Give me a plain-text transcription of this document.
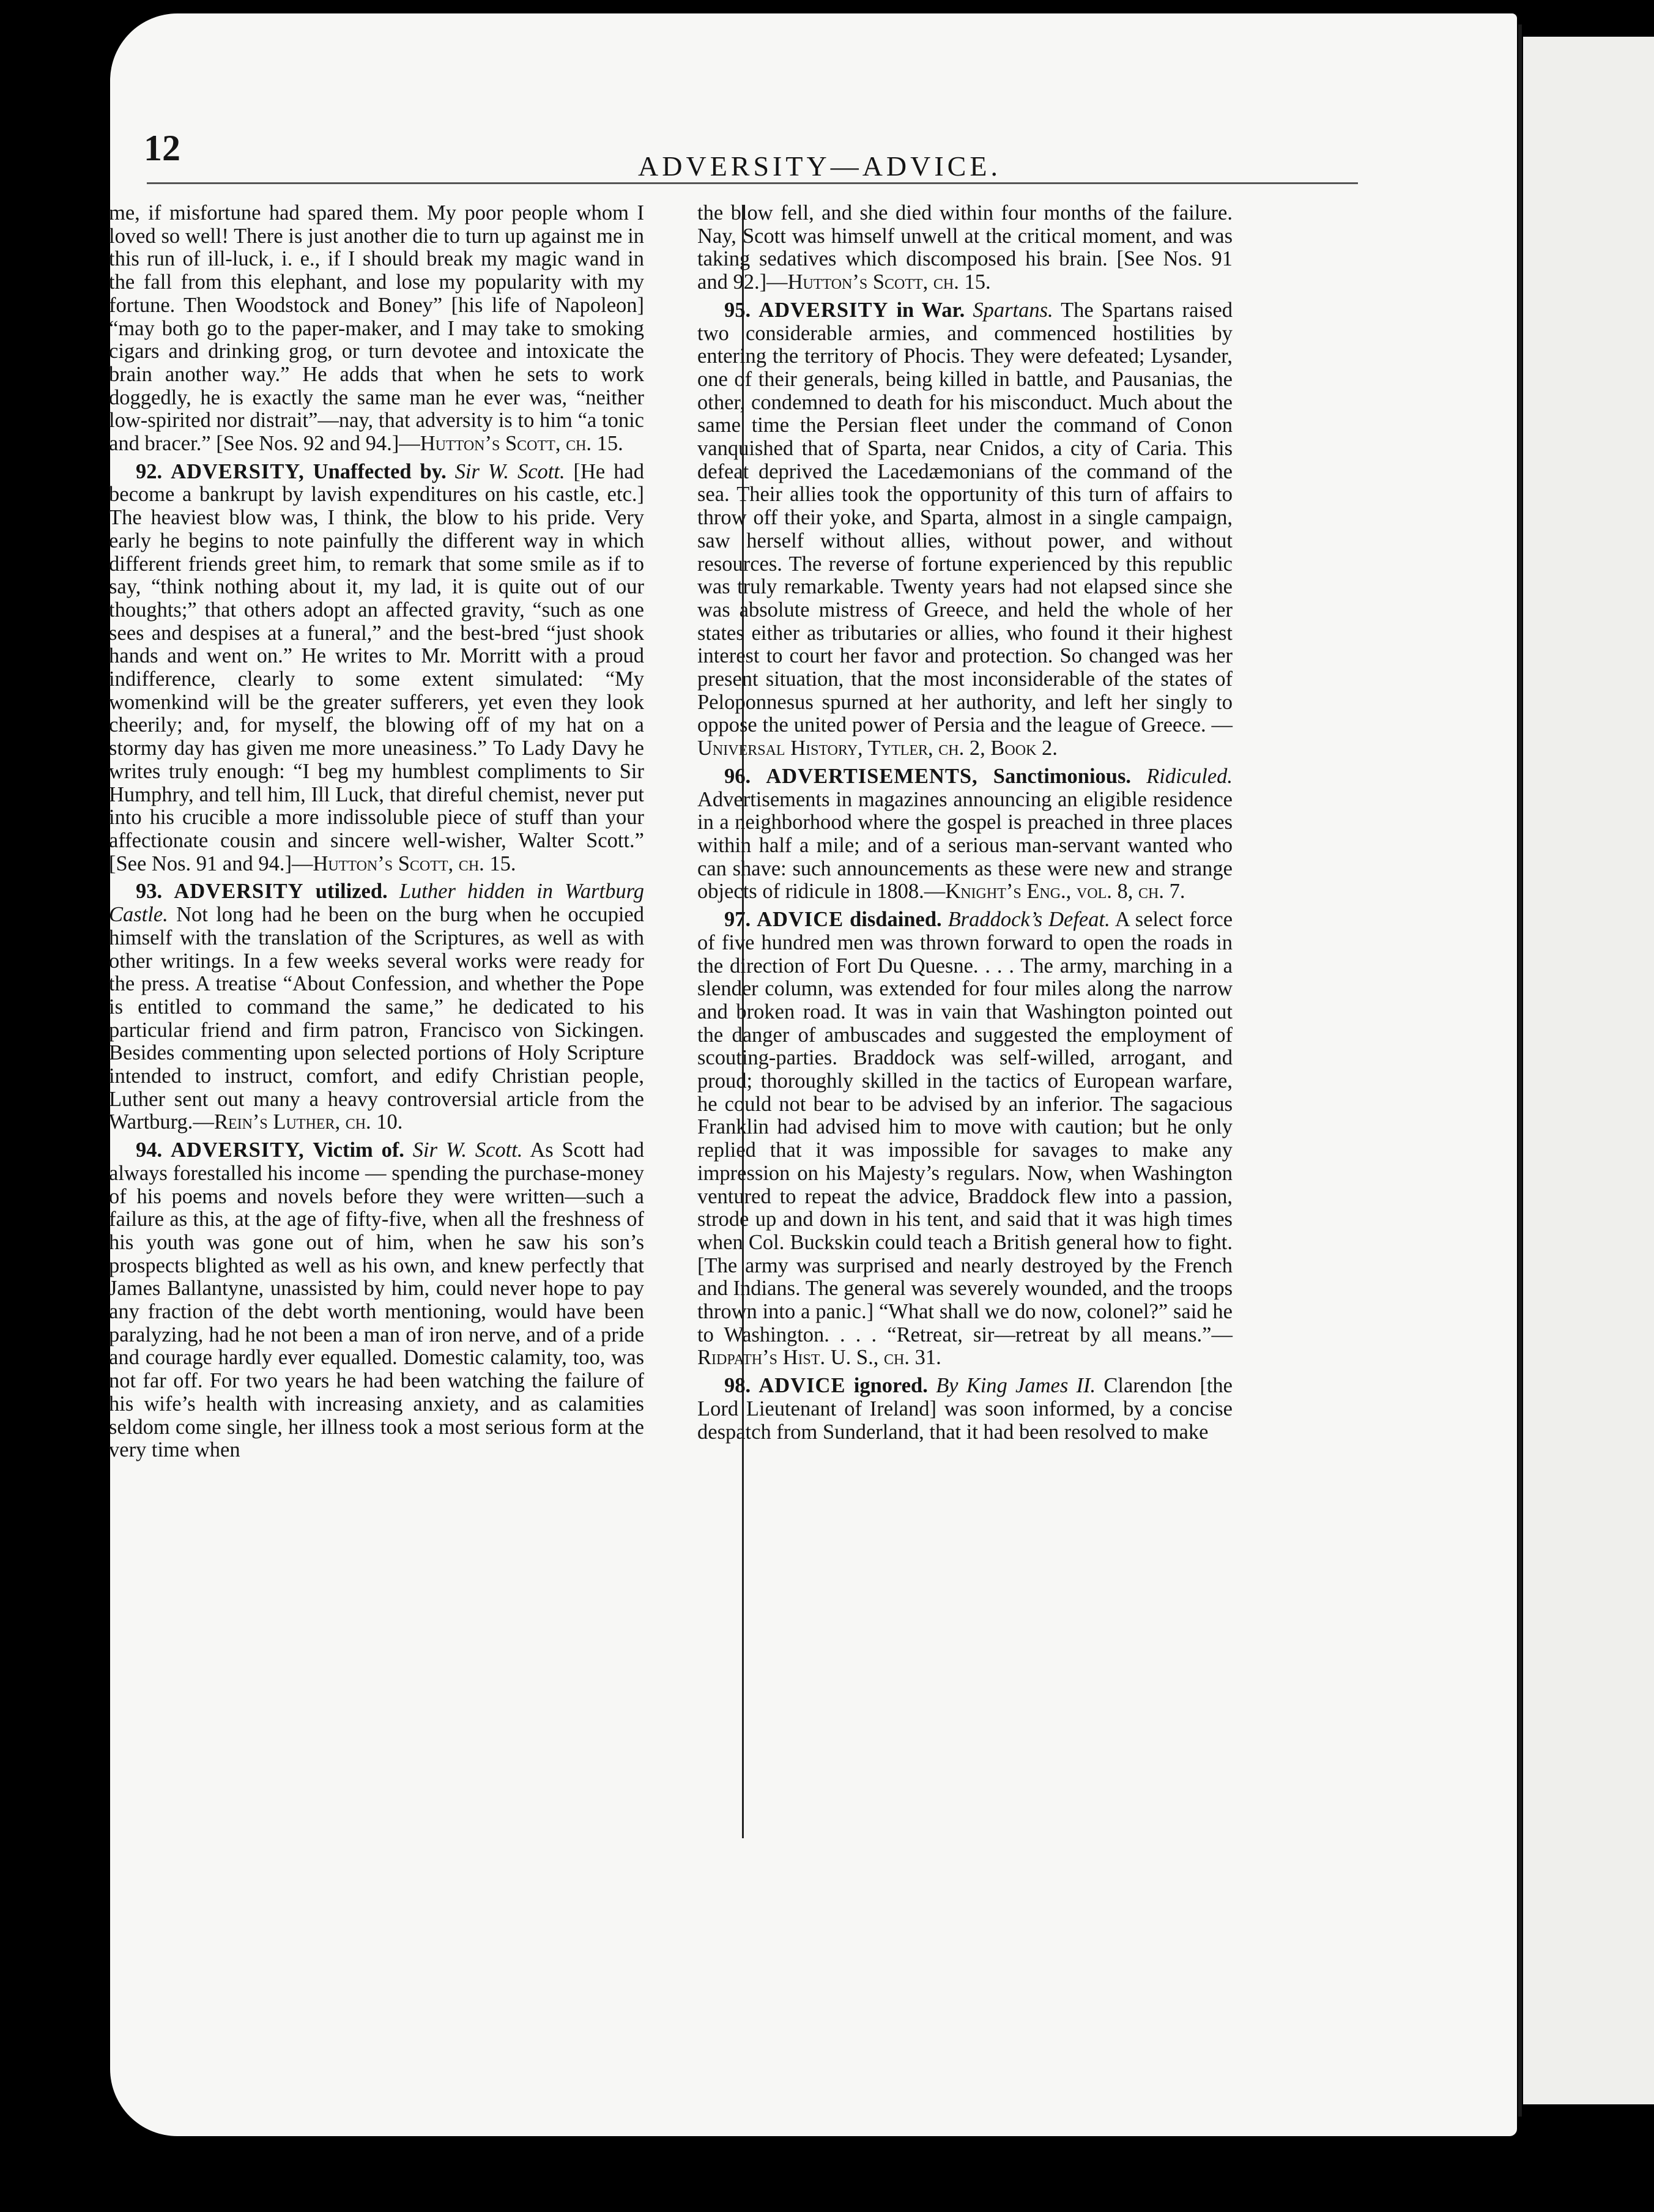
12	ADVERSITY—ADVICE.

me, if misfortune had spared them. My poor people whom I loved so well! There is just another die to turn up against me in this run of ill-luck, i. e., if I should break my magic wand in the fall from this elephant, and lose my popularity with my fortune. Then Woodstock and Boney” [his life of Napoleon] “may both go to the paper-maker, and I may take to smoking cigars and drinking grog, or turn devotee and intoxicate the brain another way.” He adds that when he sets to work doggedly, he is exactly the same man he ever was, “neither low-spirited nor distrait”—nay, that adversity is to him “a tonic and bracer.” [See Nos. 92 and 94.]—Hutton’s Scott, ch. 15.

92. ADVERSITY, Unaffected by. Sir W. Scott. [He had become a bankrupt by lavish expenditures on his castle, etc.] The heaviest blow was, I think, the blow to his pride. Very early he begins to note painfully the different way in which different friends greet him, to remark that some smile as if to say, “think nothing about it, my lad, it is quite out of our thoughts;” that others adopt an affected gravity, “such as one sees and despises at a funeral,” and the best-bred “just shook hands and went on.” He writes to Mr. Morritt with a proud indifference, clearly to some extent simulated: “My womenkind will be the greater sufferers, yet even they look cheerily; and, for myself, the blowing off of my hat on a stormy day has given me more uneasiness.” To Lady Davy he writes truly enough: “I beg my humblest compliments to Sir Humphry, and tell him, Ill Luck, that direful chemist, never put into his crucible a more indissoluble piece of stuff than your affectionate cousin and sincere well-wisher, Walter Scott.” [See Nos. 91 and 94.]—Hutton’s Scott, ch. 15.

93. ADVERSITY utilized. Luther hidden in Wartburg Castle. Not long had he been on the burg when he occupied himself with the translation of the Scriptures, as well as with other writings. In a few weeks several works were ready for the press. A treatise “About Confession, and whether the Pope is entitled to command the same,” he dedicated to his particular friend and firm patron, Francisco von Sickingen. Besides commenting upon selected portions of Holy Scripture intended to instruct, comfort, and edify Christian people, Luther sent out many a heavy controversial article from the Wartburg.—Rein’s Luther, ch. 10.

94. ADVERSITY, Victim of. Sir W. Scott. As Scott had always forestalled his income — spending the purchase-money of his poems and novels before they were written—such a failure as this, at the age of fifty-five, when all the freshness of his youth was gone out of him, when he saw his son’s prospects blighted as well as his own, and knew perfectly that James Ballantyne, unassisted by him, could never hope to pay any fraction of the debt worth mentioning, would have been paralyzing, had he not been a man of iron nerve, and of a pride and courage hardly ever equalled. Domestic calamity, too, was not far off. For two years he had been watching the failure of his wife’s health with increasing anxiety, and as calamities seldom come single, her illness took a most serious form at the very time when

the blow fell, and she died within four months of the failure. Nay, Scott was himself unwell at the critical moment, and was taking sedatives which discomposed his brain. [See Nos. 91 and 92.]—Hutton’s Scott, ch. 15.

95. ADVERSITY in War. Spartans. The Spartans raised two considerable armies, and commenced hostilities by entering the territory of Phocis. They were defeated; Lysander, one of their generals, being killed in battle, and Pausanias, the other, condemned to death for his misconduct. Much about the same time the Persian fleet under the command of Conon vanquished that of Sparta, near Cnidos, a city of Caria. This defeat deprived the Lacedæmonians of the command of the sea. Their allies took the opportunity of this turn of affairs to throw off their yoke, and Sparta, almost in a single campaign, saw herself without allies, without power, and without resources. The reverse of fortune experienced by this republic was truly remarkable. Twenty years had not elapsed since she was absolute mistress of Greece, and held the whole of her states either as tributaries or allies, who found it their highest interest to court her favor and protection. So changed was her present situation, that the most inconsiderable of the states of Peloponnesus spurned at her authority, and left her singly to oppose the united power of Persia and the league of Greece. —Universal History, Tytler, ch. 2, Book 2.

96. ADVERTISEMENTS, Sanctimonious. Ridiculed. Advertisements in magazines announcing an eligible residence in a neighborhood where the gospel is preached in three places within half a mile; and of a serious man-servant wanted who can shave: such announcements as these were new and strange objects of ridicule in 1808.—Knight’s Eng., vol. 8, ch. 7.

97. ADVICE disdained. Braddock’s Defeat. A select force of five hundred men was thrown forward to open the roads in the direction of Fort Du Quesne. . . . The army, marching in a slender column, was extended for four miles along the narrow and broken road. It was in vain that Washington pointed out the danger of ambuscades and suggested the employment of scouting-parties. Braddock was self-willed, arrogant, and proud; thoroughly skilled in the tactics of European warfare, he could not bear to be advised by an inferior. The sagacious Franklin had advised him to move with caution; but he only replied that it was impossible for savages to make any impression on his Majesty’s regulars. Now, when Washington ventured to repeat the advice, Braddock flew into a passion, strode up and down in his tent, and said that it was high times when Col. Buckskin could teach a British general how to fight. [The army was surprised and nearly destroyed by the French and Indians. The general was severely wounded, and the troops thrown into a panic.] “What shall we do now, colonel?” said he to Washington. . . . “Retreat, sir—retreat by all means.”—Ridpath’s Hist. U. S., ch. 31.

98. ADVICE ignored. By King James II. Clarendon [the Lord Lieutenant of Ireland] was soon informed, by a concise despatch from Sunderland, that it had been resolved to make
